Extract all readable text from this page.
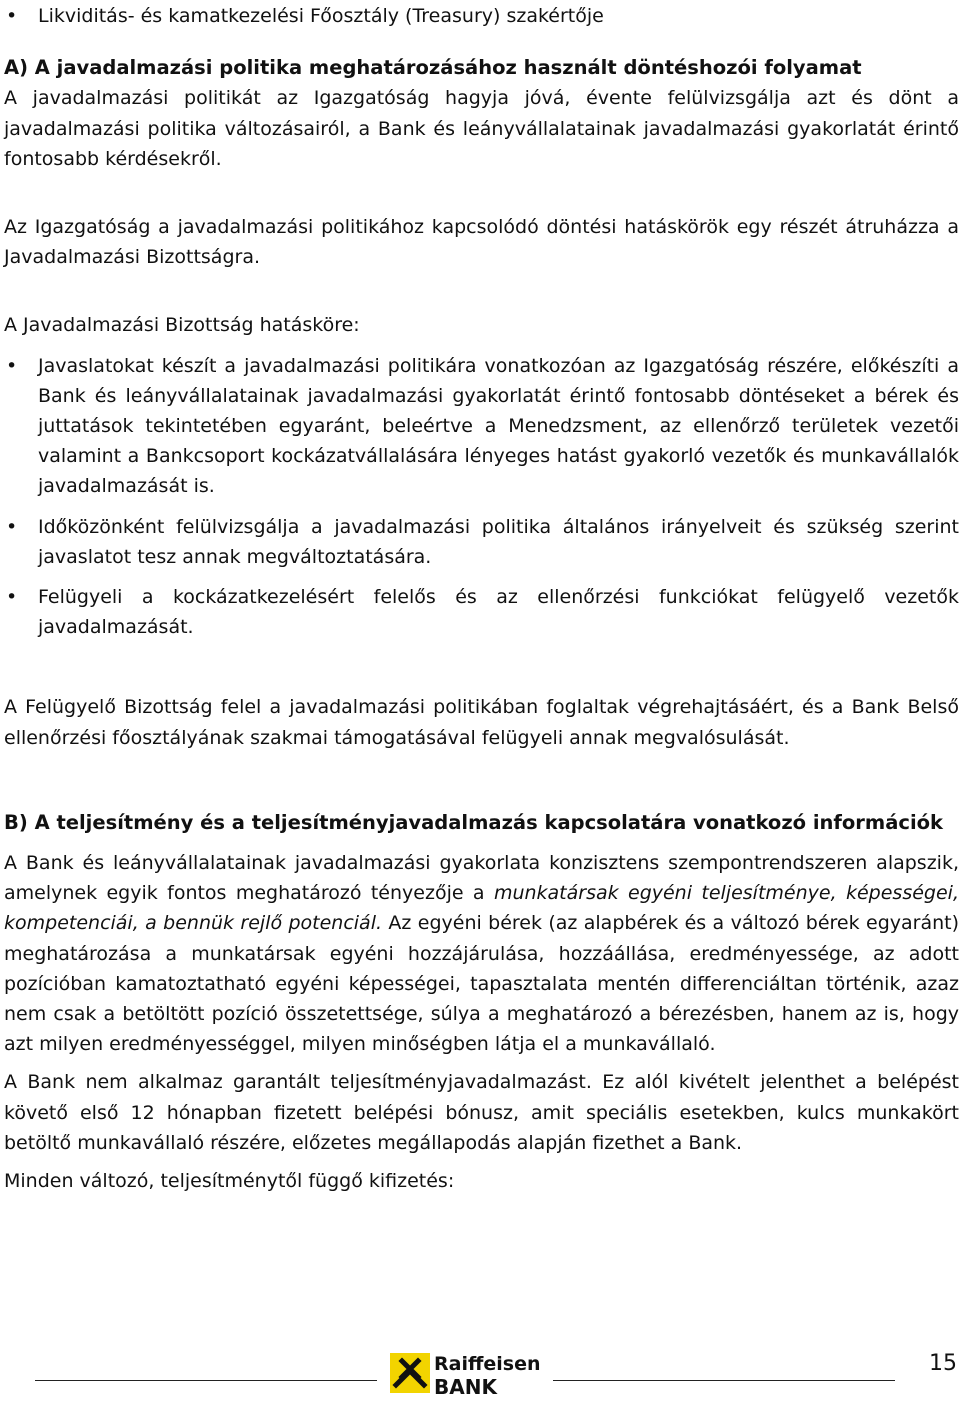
•	Likviditás- és kamatkezelési Főosztály (Treasury) szakértője

A) A javadalmazási politika meghatározásához használt döntéshozói folyamat

A javadalmazási politikát az Igazgatóság hagyja jóvá, évente felülvizsgálja azt és dönt a javadalmazási politika változásairól, a Bank és leányvállalatainak javadalmazási gyakorlatát érintő fontosabb kérdésekről.

Az Igazgatóság a javadalmazási politikához kapcsolódó döntési hatáskörök egy részét átruházza a Javadalmazási Bizottságra.

A Javadalmazási Bizottság hatásköre:

•	Javaslatokat készít a javadalmazási politikára vonatkozóan az Igazgatóság részére, előkészíti a Bank és leányvállalatainak javadalmazási gyakorlatát érintő fontosabb döntéseket a bérek és juttatások tekintetében egyaránt, beleértve a Menedzsment, az ellenőrző területek vezetői valamint a Bankcsoport kockázatvállalására lényeges hatást gyakorló vezetők és munkavállalók javadalmazását is.
•	Időközönként felülvizsgálja a javadalmazási politika általános irányelveit és szükség szerint javaslatot tesz annak megváltoztatására.
•	Felügyeli a kockázatkezelésért felelős és az ellenőrzési funkciókat felügyelő vezetők javadalmazását.

A Felügyelő Bizottság felel a javadalmazási politikában foglaltak végrehajtásáért, és a Bank Belső ellenőrzési főosztályának szakmai támogatásával felügyeli annak megvalósulását.

B) A teljesítmény és a teljesítményjavadalmazás kapcsolatára vonatkozó információk

A Bank és leányvállalatainak javadalmazási gyakorlata konzisztens szempontrendszeren alapszik, amelynek egyik fontos meghatározó tényezője a munkatársak egyéni teljesítménye, képességei, kompetenciái, a bennük rejlő potenciál. Az egyéni bérek (az alapbérek és a változó bérek egyaránt) meghatározása a munkatársak egyéni hozzájárulása, hozzáállása, eredményessége, az adott pozícióban kamatoztatható egyéni képességei, tapasztalata mentén differenciáltan történik, azaz nem csak a betöltött pozíció összetettsége, súlya a meghatározó a bérezésben, hanem az is, hogy azt milyen eredményességgel, milyen minőségben látja el a munkavállaló.

A Bank nem alkalmaz garantált teljesítményjavadalmazást. Ez alól kivételt jelenthet a belépést követő első 12 hónapban fizetett belépési bónusz, amit speciális esetekben, kulcs munkakört betöltő munkavállaló részére, előzetes megállapodás alapján fizethet a Bank.

Minden változó, teljesítménytől függő kifizetés:

Raiffeisen
BANK
15
